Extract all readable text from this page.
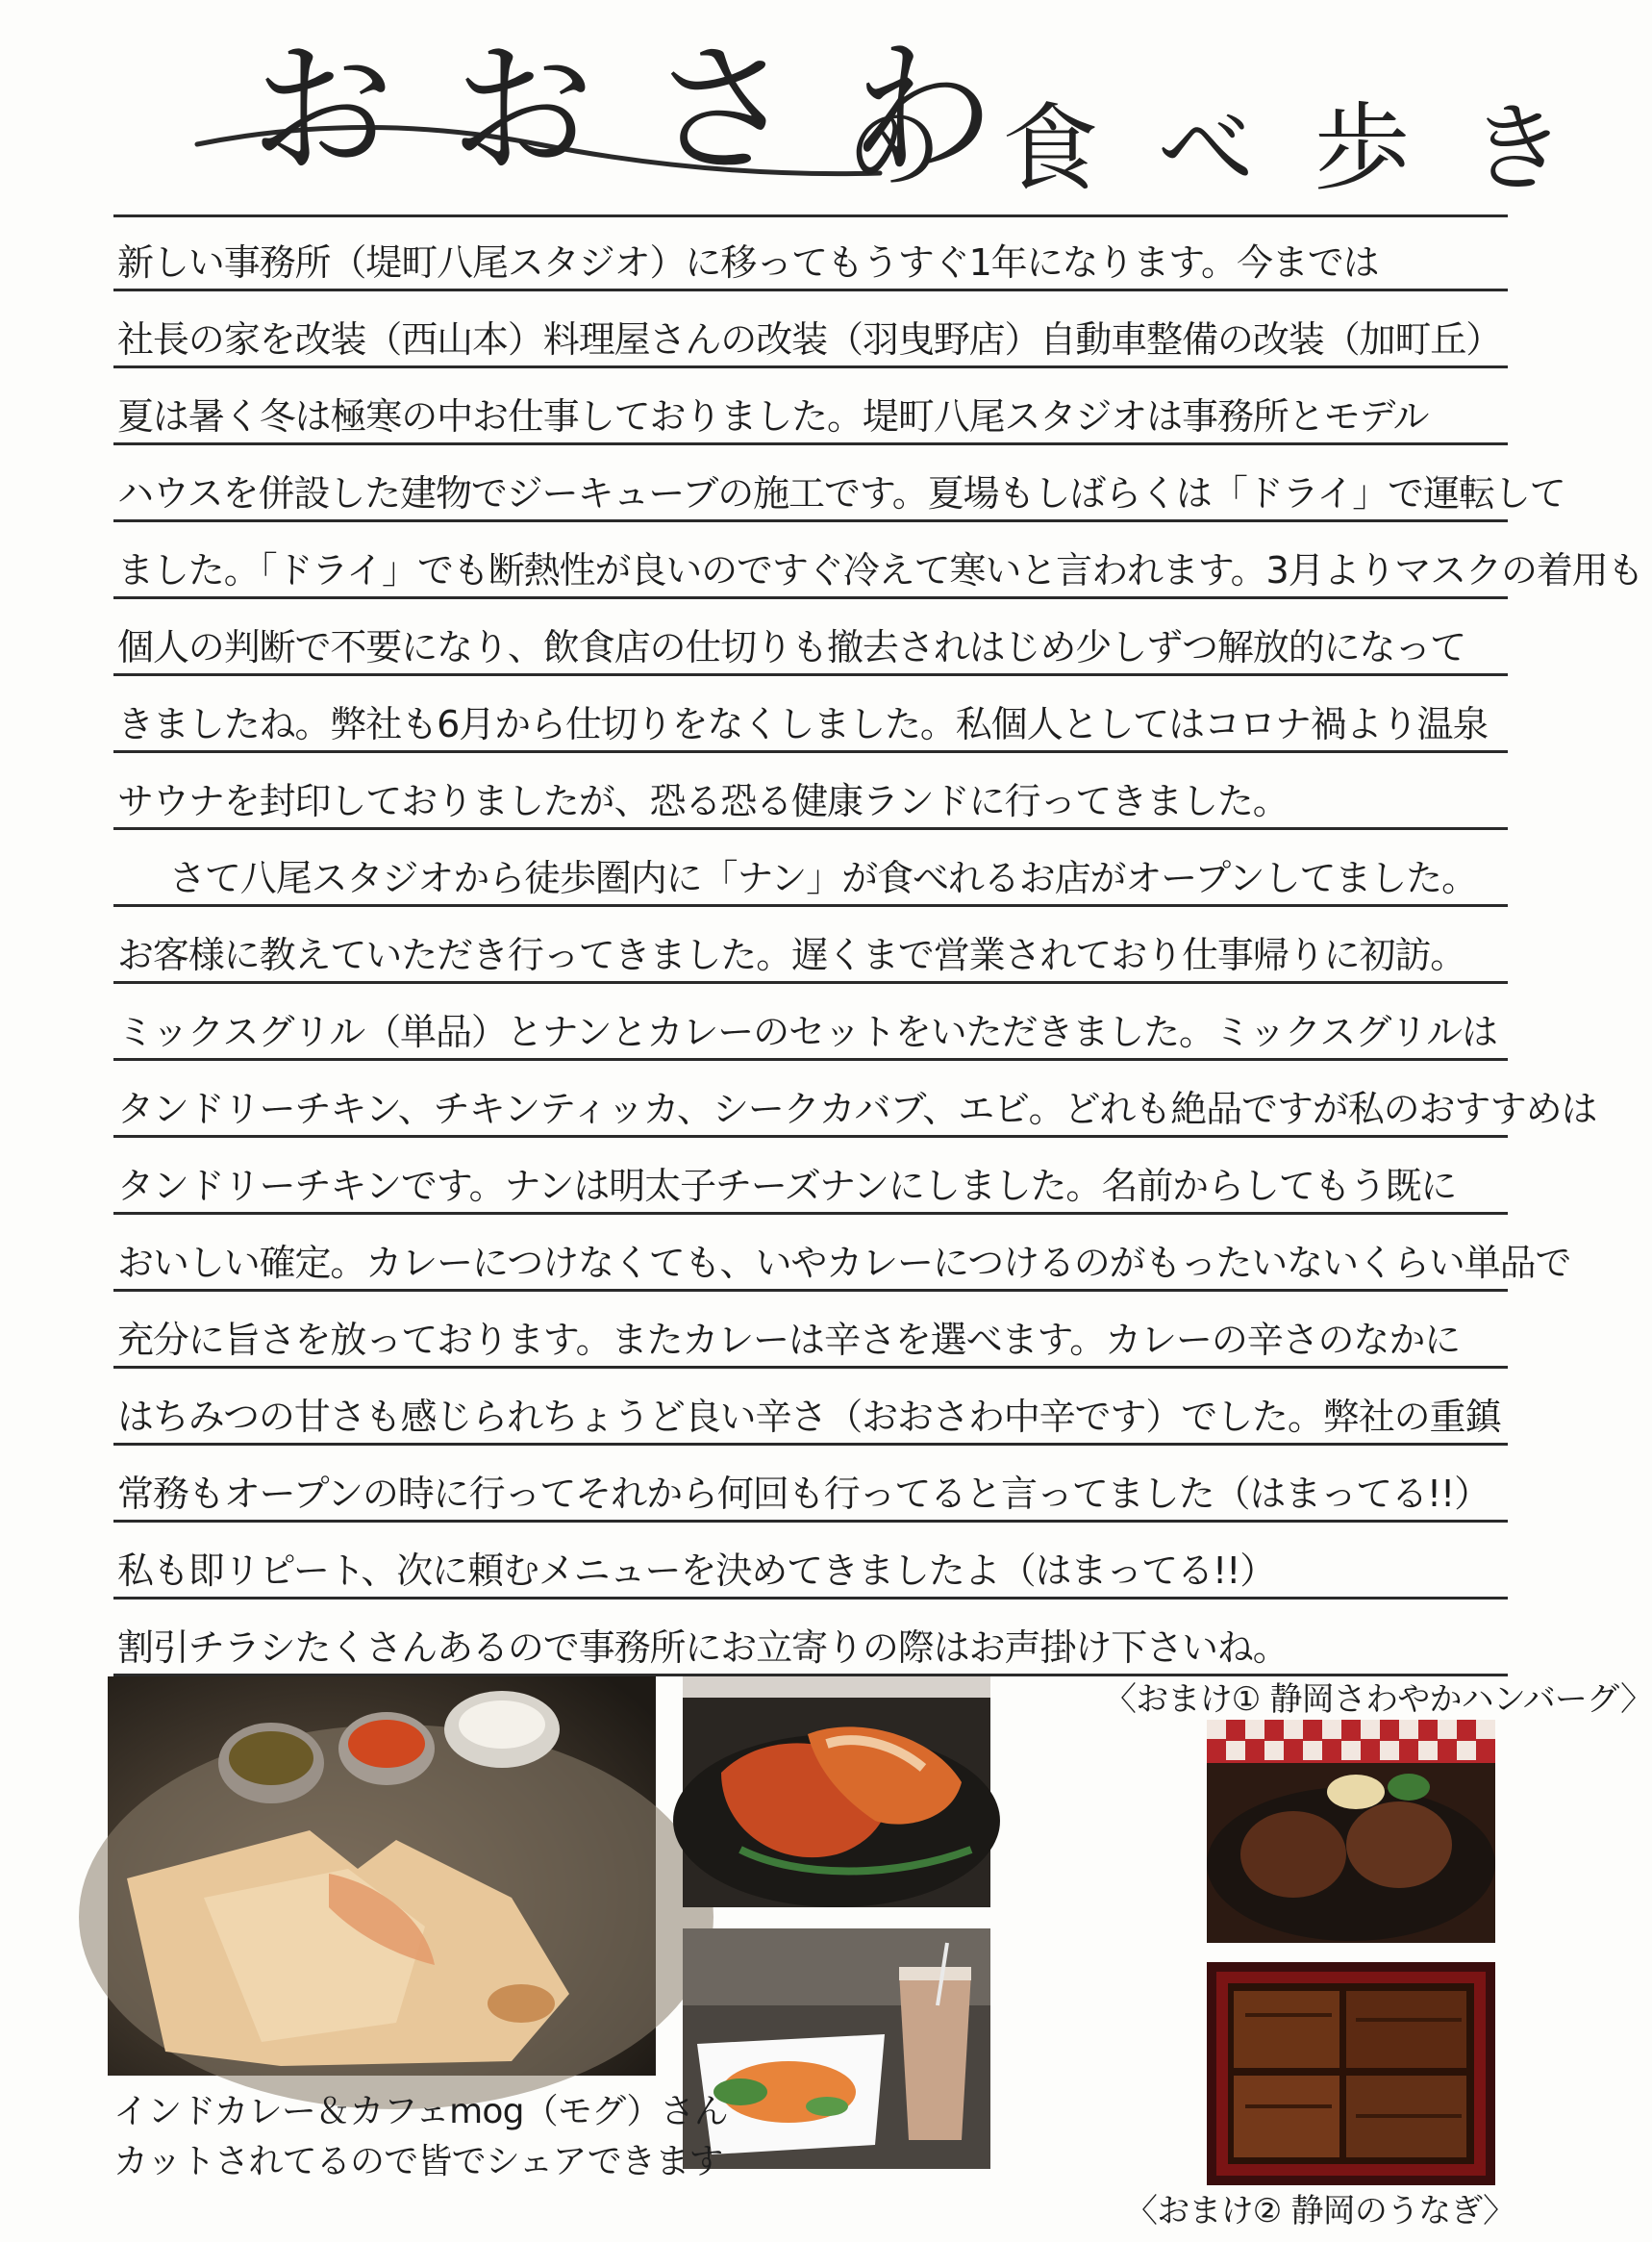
おおさわ
の食べ歩き
新しい事務所（堤町八尾スタジオ）に移ってもうすぐ1年になります。今までは
社長の家を改装（西山本）料理屋さんの改装（羽曳野店）自動車整備の改装（加町丘）
夏は暑く冬は極寒の中お仕事しておりました。堤町八尾スタジオは事務所とモデル
ハウスを併設した建物でジーキューブの施工です。夏場もしばらくは「ドライ」で運転して
ました。「ドライ」でも断熱性が良いのですぐ冷えて寒いと言われます。3月よりマスクの着用も
個人の判断で不要になり、飲食店の仕切りも撤去されはじめ少しずつ解放的になって
きましたね。弊社も6月から仕切りをなくしました。私個人としてはコロナ禍より温泉
サウナを封印しておりましたが、恐る恐る健康ランドに行ってきました。
さて八尾スタジオから徒歩圏内に「ナン」が食べれるお店がオープンしてました。
お客様に教えていただき行ってきました。遅くまで営業されており仕事帰りに初訪。
ミックスグリル（単品）とナンとカレーのセットをいただきました。ミックスグリルは
タンドリーチキン、チキンティッカ、シークカバブ、エビ。どれも絶品ですが私のおすすめは
タンドリーチキンです。ナンは明太子チーズナンにしました。名前からしてもう既に
おいしい確定。カレーにつけなくても、いやカレーにつけるのがもったいないくらい単品で
充分に旨さを放っております。またカレーは辛さを選べます。カレーの辛さのなかに
はちみつの甘さも感じられちょうど良い辛さ（おおさわ中辛です）でした。弊社の重鎮
常務もオープンの時に行ってそれから何回も行ってると言ってました（はまってる!!）
私も即リピート、次に頼むメニューを決めてきましたよ（はまってる!!）
割引チラシたくさんあるので事務所にお立寄りの際はお声掛け下さいね。
インドカレー＆カフェmog（モグ）さん
カットされてるので皆でシェアできます
〈おまけ① 静岡さわやかハンバーグ〉
〈おまけ② 静岡のうなぎ〉
